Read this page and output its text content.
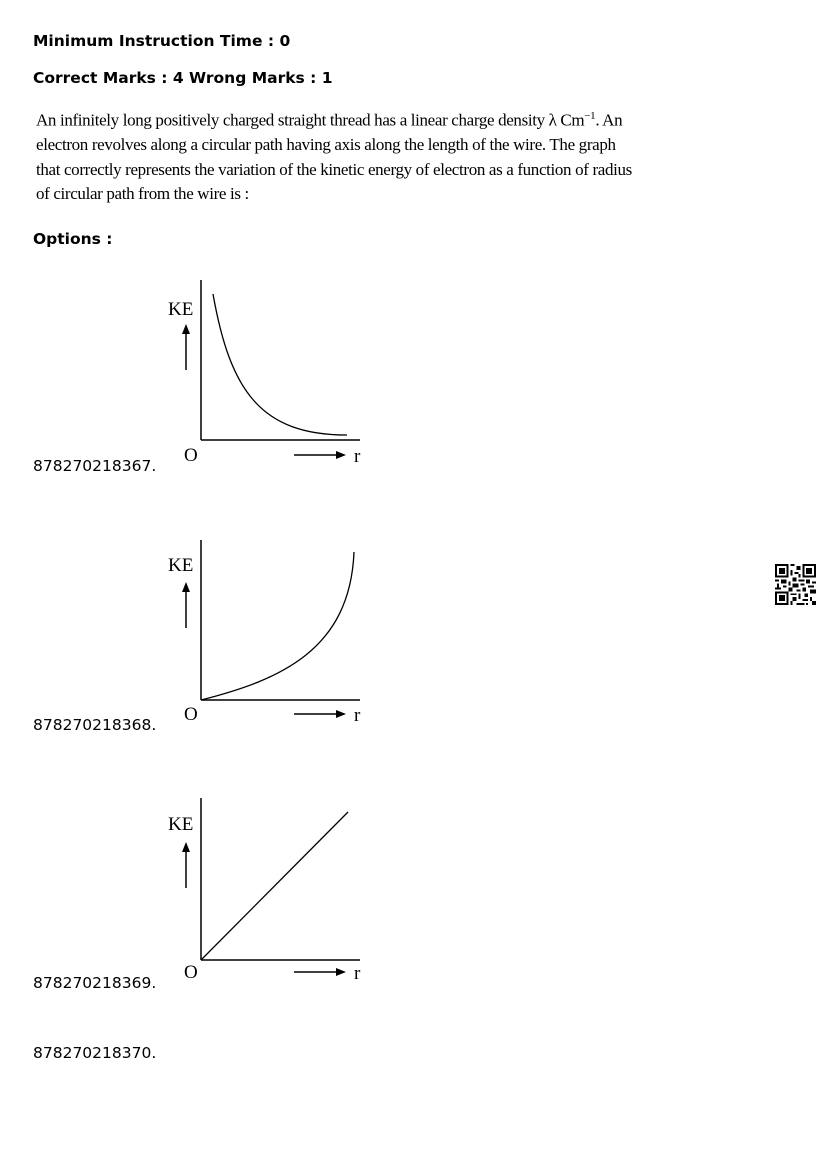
Minimum Instruction Time : 0
Correct Marks : 4 Wrong Marks : 1
An infinitely long positively charged straight thread has a linear charge density λ $Cm^{-1}$. An electron revolves along a circular path having axis along the length of the wire. The graph that correctly represents the variation of the kinetic energy of electron as a function of radius of circular path from the wire is :
Options :
KE
O	r
878270218367.
KE
O	r
878270218368.
KE
O	r
878270218369.
878270218370.
